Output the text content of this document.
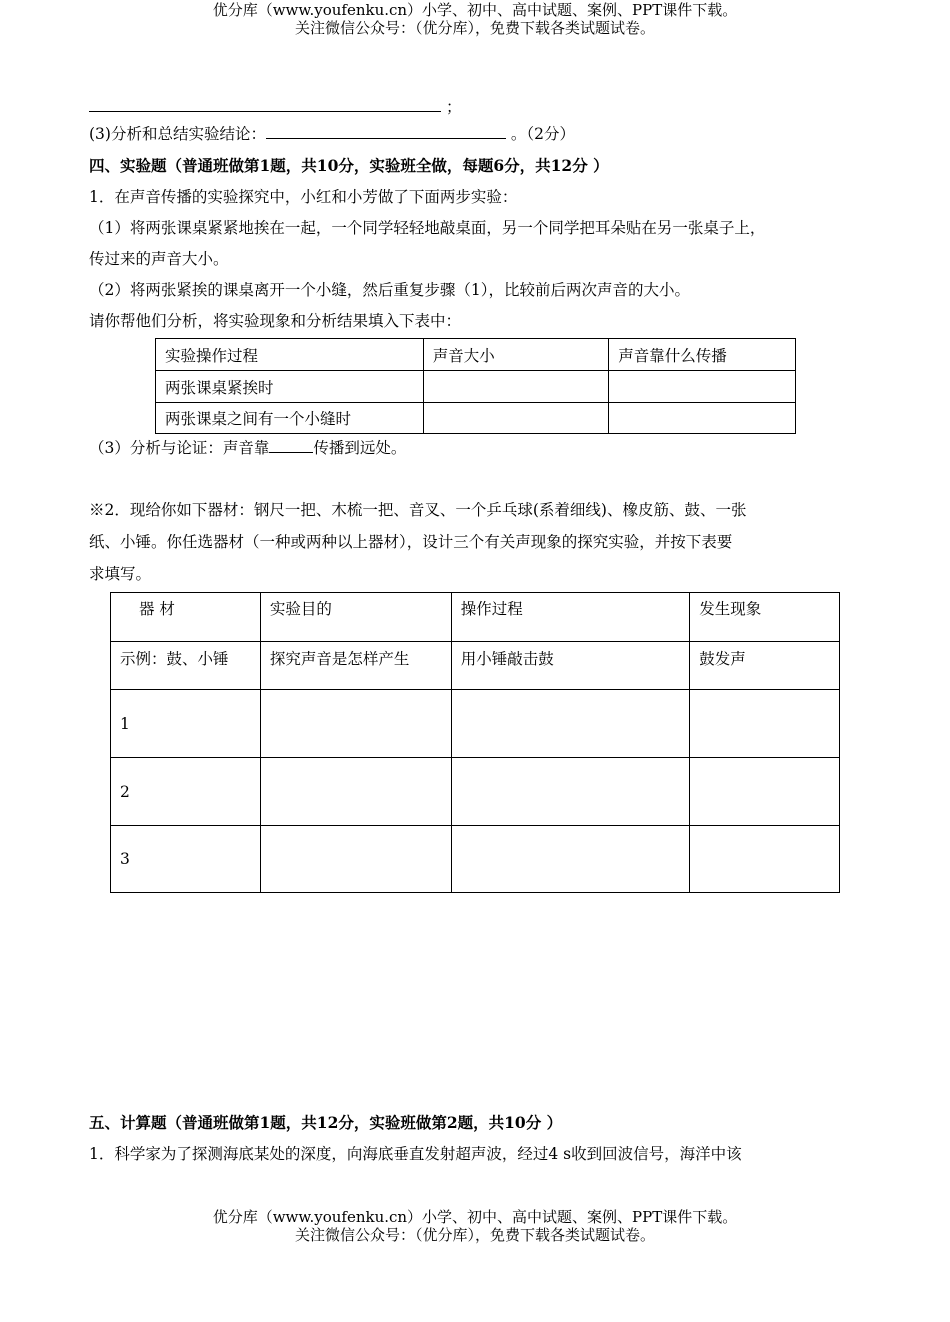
优分库（www.youfenku.cn）小学、初中、高中试题、案例、PPT课件下载。
关注微信公众号：（优分库），免费下载各类试题试卷。
；
(3)分析和总结实验结论：	。（2分）
四、实验题（普通班做第1题，共10分，实验班全做，每题6分，共12分 ）
1．在声音传播的实验探究中，小红和小芳做了下面两步实验：
（1）将两张课桌紧紧地挨在一起，一个同学轻轻地敲桌面，另一个同学把耳朵贴在另一张桌子上，
传过来的声音大小。
（2）将两张紧挨的课桌离开一个小缝，然后重复步骤（1），比较前后两次声音的大小。
请你帮他们分析，将实验现象和分析结果填入下表中：
实验操作过程	声音大小	声音靠什么传播
两张课桌紧挨时		
两张课桌之间有一个小缝时		
（3）分析与论证：声音靠	传播到远处。
※2．现给你如下器材：钢尺一把、木梳一把、音叉、一个乒乓球(系着细线)、橡皮筋、鼓、一张
纸、小锤。你任选器材（一种或两种以上器材），设计三个有关声现象的探究实验，并按下表要
求填写。
器 材	实验目的	操作过程	发生现象
示例：鼓、小锤	探究声音是怎样产生	用小锤敲击鼓	鼓发声
1			
2			
3			
五、计算题（普通班做第1题，共12分，实验班做第2题，共10分 ）
1．科学家为了探测海底某处的深度，向海底垂直发射超声波，经过4 s收到回波信号，海洋中该
优分库（www.youfenku.cn）小学、初中、高中试题、案例、PPT课件下载。
关注微信公众号：（优分库），免费下载各类试题试卷。
